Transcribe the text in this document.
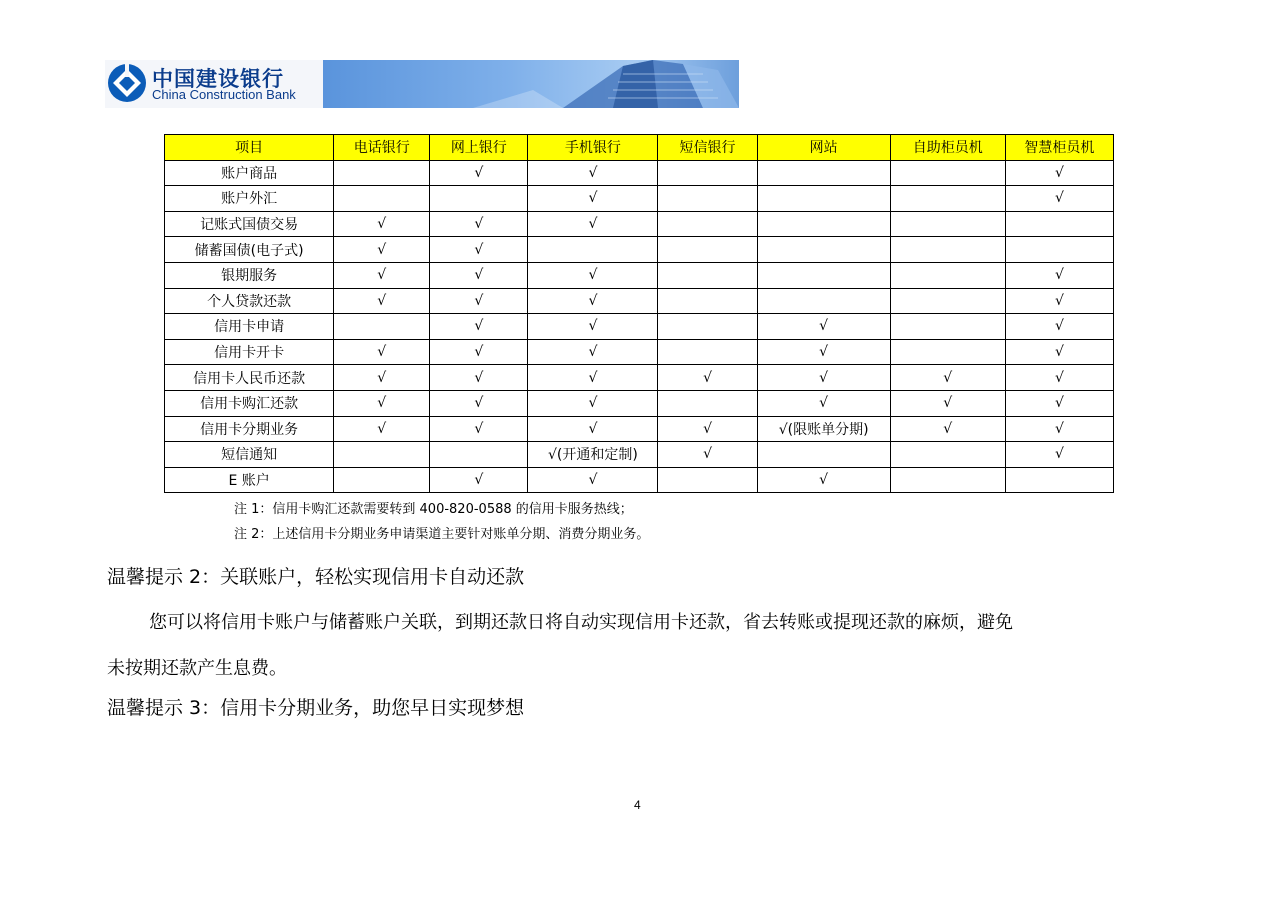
中国建设银行
China Construction Bank
项目	电话银行	网上银行	手机银行	短信银行	网站	自助柜员机	智慧柜员机
账户商品		√	√				√
账户外汇			√				√
记账式国债交易	√	√	√				
储蓄国债(电子式)	√	√					
银期服务	√	√	√				√
个人贷款还款	√	√	√				√
信用卡申请		√	√		√		√
信用卡开卡	√	√	√		√		√
信用卡人民币还款	√	√	√	√	√	√	√
信用卡购汇还款	√	√	√		√	√	√
信用卡分期业务	√	√	√	√	√(限账单分期)	√	√
短信通知			√(开通和定制)	√			√
E 账户		√	√		√		
注 1：信用卡购汇还款需要转到 400-820-0588 的信用卡服务热线；
注 2：上述信用卡分期业务申请渠道主要针对账单分期、消费分期业务。
温馨提示 2：关联账户，轻松实现信用卡自动还款
您可以将信用卡账户与储蓄账户关联，到期还款日将自动实现信用卡还款，省去转账或提现还款的麻烦，避免
未按期还款产生息费。
温馨提示 3：信用卡分期业务，助您早日实现梦想
4
